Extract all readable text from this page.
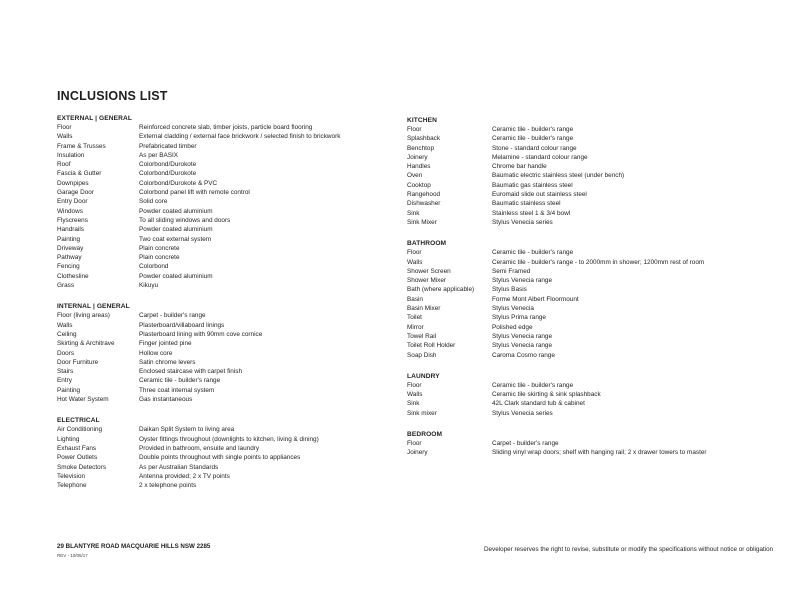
INCLUSIONS LIST
EXTERNAL | GENERAL
Floor	Reinforced concrete slab, timber joists, particle board flooring
Walls	External cladding / external face brickwork / selected finish to brickwork
Frame & Trusses	Prefabricated timber
Insulation	As per BASIX
Roof	Colorbond/Durokote
Fascia & Gutter	Colorbond/Durokote
Downpipes	Colorbond/Durokote & PVC
Garage Door	Colorbond panel lift with remote control
Entry Door	Solid core
Windows	Powder coated aluminium
Flyscreens	To all sliding windows and doors
Handrails	Powder coated aluminium
Painting	Two coat external system
Driveway	Plain concrete
Pathway	Plain concrete
Fencing	Colorbond
Clothesline	Powder coated aluminium
Grass	Kikuyu
INTERNAL | GENERAL
Floor (living areas)	Carpet - builder's range
Walls	Plasterboard/villaboard linings
Ceiling	Plasterboard lining with 90mm cove cornice
Skirting & Architrave	Finger jointed pine
Doors	Hollow core
Door Furniture	Satin chrome levers
Stairs	Enclosed staircase with carpet finish
Entry	Ceramic tile - builder's range
Painting	Three coat internal system
Hot Water System	Gas instantaneous
ELECTRICAL
Air Conditioning	Daikan Split System to living area
Lighting	Oyster fittings throughout (downlights to kitchen, living & dining)
Exhaust Fans	Provided in bathroom, ensuite and laundry
Power Outlets	Double points throughout with single points to appliances
Smoke Detectors	As per Australian Standards
Television	Antenna provided; 2 x TV points
Telephone	2 x telephone points
KITCHEN
Floor	Ceramic tile - builder's range
Splashback	Ceramic tile - builder's range
Benchtop	Stone - standard colour range
Joinery	Melamine - standard colour range
Handles	Chrome bar handle
Oven	Baumatic electric stainless steel (under bench)
Cooktop	Baumatic gas stainless steel
Rangehood	Euromaid slide out stainless steel
Dishwasher	Baumatic stainless steel
Sink	Stainless steel 1 & 3/4 bowl
Sink Mixer	Stylus Venecia series
BATHROOM
Floor	Ceramic tile - builder's range
Walls	Ceramic tile - builder's range - to 2000mm in shower; 1200mm rest of room
Shower Screen	Semi Framed
Shower Mixer	Stylus Venecia range
Bath (where applicable)	Stylus Basis
Basin	Forme Mont Albert Floormount
Basin Mixer	Stylus Venecia
Toilet	Stylus Prima range
Mirror	Polished edge
Towel Rail	Stylus Venecia range
Toilet Roll Holder	Stylus Venecia range
Soap Dish	Caroma Cosmo range
LAUNDRY
Floor	Ceramic tile - builder's range
Walls	Ceramic tile skirting & sink splashback
Sink	42L Clark standard tub & cabinet
Sink mixer	Stylus Venecia series
BEDROOM
Floor	Carpet - builder's range
Joinery	Sliding vinyl wrap doors; shelf with hanging rail; 2 x drawer towers to master
29 BLANTYRE ROAD MACQUARIE HILLS NSW 2285
REV - 10/05/17
Developer reserves the right to revise, substitute or modify the specifications without notice or obligation
